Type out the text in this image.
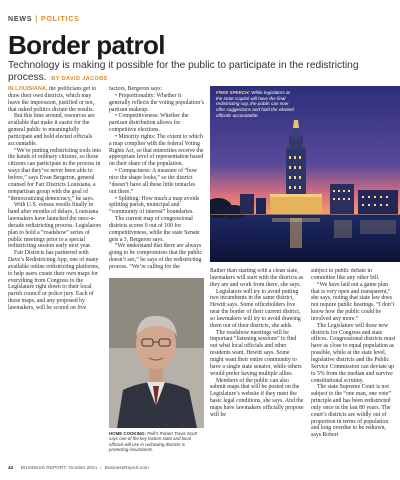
NEWS | POLITICS
Border patrol
Technology is making it possible for the public to participate in the redistricting process. BY DAVID JACOBS

IN LOUISIANA, the politicians get to draw their own districts, which may leave the impression, justified or not, that naked politics dictate the results.

But this time around, resources are available that make it easier for the general public to meaningfully participate and hold elected officials accountable.

“We’re putting redistricting tools into the hands of ordinary citizens, so those citizens can participate in the process in ways that they’ve never been able to before,” says Evan Bergeron, general counsel for Fair Districts Louisiana, a nonpartisan group with the goal of “democratizing democracy,” he says.

With U.S. census results finally in hand after months of delays, Louisiana lawmakers have launched the once-a-decade redistricting process. Legislators plan to hold a “roadshow” series of public meetings prior to a special redistricting session early next year.

Fair Districts has partnered with Dave’s Redistricting App, one of many available online redistricting platforms, to help users create their own maps for everything from Congress to the Legislature right down to their local parish council or police jury. Each of those maps, and any proposed by lawmakers, will be scored on five

factors, Bergeron says:

• Proportionality: Whether it generally reflects the voting population’s partisan makeup.

• Competitiveness: Whether the partisan distribution allows for competitive elections.

• Minority rights: The extent to which a map complies with the federal Voting Rights Act, so that minorities receive the appropriate level of representation based on their share of the population.

• Compactness: A measure of “how nice the shape looks,” so the district “doesn’t have all these little tentacles out there.”

• Splitting: How much a map avoids splitting parish, municipal and “community of interest” boundaries.

The current map of congressional districts scores 0 out of 100 for competitiveness, while the state Senate gets a 3, Bergeron says.

“We understand that there are always going to be compromises that the public doesn’t see,” he says of the redistricting process. “We’re calling for the

FREE SPEECH: While legislators at the state Capitol will have the final redistricting say, the public can now offer suggestions and hold the elected officials accountable.
HOME COOKING: Pelli’s Robert Travis Scott says one of the key factors state and local officials will use in redrawing districts is protecting incumbents.

Rather than starting with a clean slate, lawmakers will start with the districts as they are and work from there, she says.

Legislators will try to avoid putting two incumbents in the same district, Hewitt says. Some officeholders live near the border of their current district, so lawmakers will try to avoid drawing them out of their districts, she adds.

The roadshow meetings will be important “listening sessions” to find out what local officials and other residents want, Hewitt says. Some might want their entire community to have a single state senator, while others would prefer having multiple allies.

Members of the public can also submit maps that will be posted on the Legislature’s website if they meet the basic legal conditions, she says. And the maps have lawmakers officially propose will be

subject to public debate in committee like any other bill.

“We have laid out a game plan that is very open and transparent,” she says, noting that state law does not require public hearings. “I don’t know how the public could be involved any more.”

The Legislature will draw new districts for Congress and state offices. Congressional districts must have as close to equal population as possible, while at the state level, legislative districts and the Public Service Commission can deviate up to 5% from the median and survive constitutional scrutiny.

The state Supreme Court is not subject to the “one man, one vote” principle and has been redistricted only once in the last 80 years. The court’s districts are wildly out of proportion in terms of population and long overdue to be redrawn, says Robert

42 BUSINESS REPORT: October 2021 | BusinessReport.com
